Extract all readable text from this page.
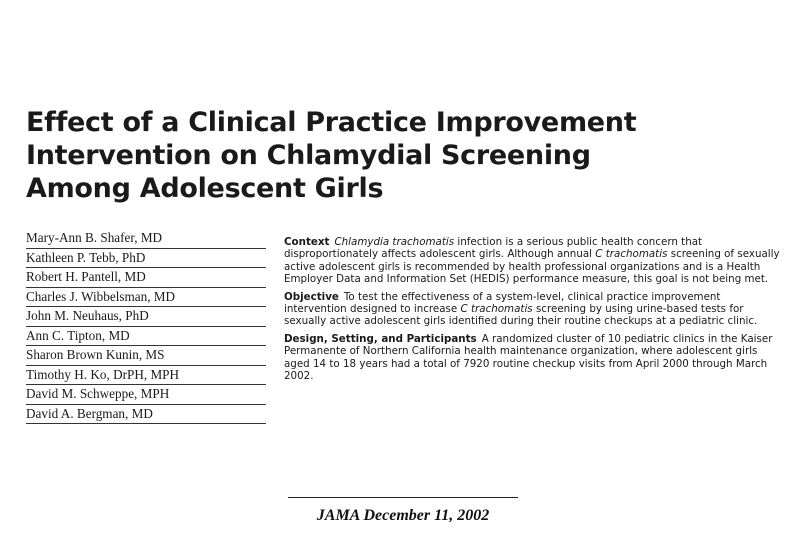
Effect of a Clinical Practice Improvement
Intervention on Chlamydial Screening
Among Adolescent Girls
Mary-Ann B. Shafer, MD
Kathleen P. Tebb, PhD
Robert H. Pantell, MD
Charles J. Wibbelsman, MD
John M. Neuhaus, PhD
Ann C. Tipton, MD
Sharon Brown Kunin, MS
Timothy H. Ko, DrPH, MPH
David M. Schweppe, MPH
David A. Bergman, MD

Context Chlamydia trachomatis infection is a serious public health concern that disproportionately affects adolescent girls. Although annual C trachomatis screening of sexually active adolescent girls is recommended by health professional organizations and is a Health Employer Data and Information Set (HEDIS) performance measure, this goal is not being met.

Objective To test the effectiveness of a system-level, clinical practice improvement intervention designed to increase C trachomatis screening by using urine-based tests for sexually active adolescent girls identified during their routine checkups at a pediatric clinic.

Design, Setting, and Participants A randomized cluster of 10 pediatric clinics in the Kaiser Permanente of Northern California health maintenance organization, where adolescent girls aged 14 to 18 years had a total of 7920 routine checkup visits from April 2000 through March 2002.

JAMA December 11, 2002
